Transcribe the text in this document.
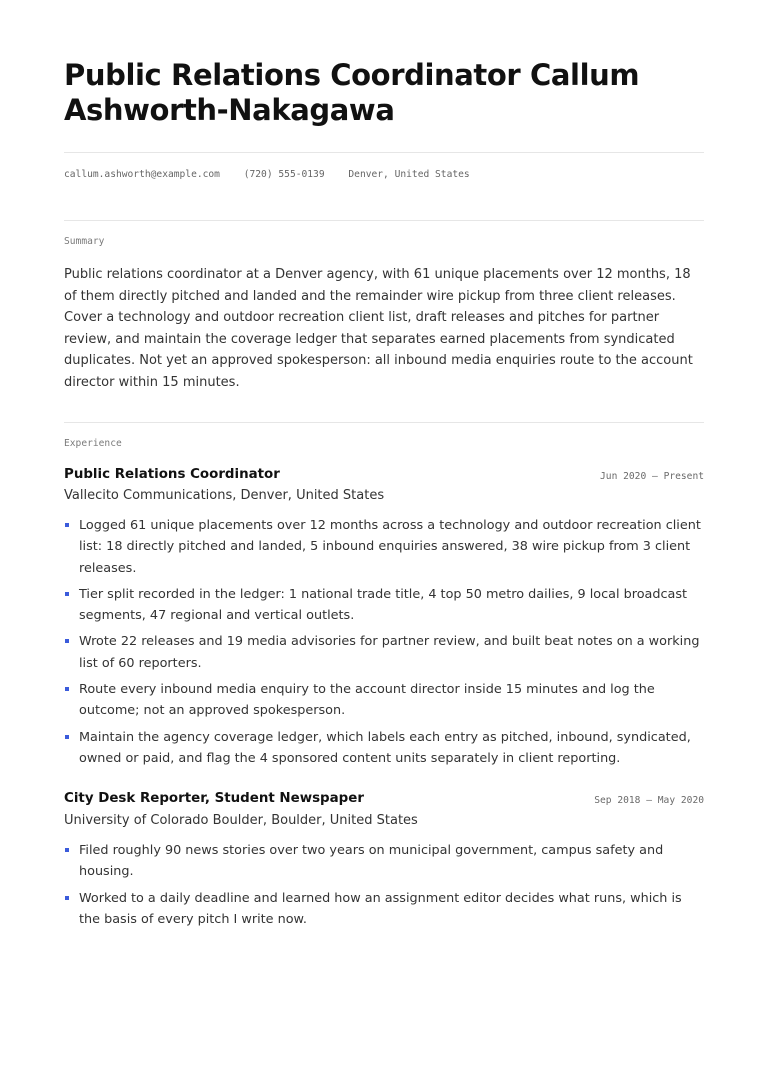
Public Relations Coordinator Callum Ashworth-Nakagawa
callum.ashworth@example.com (720) 555-0139 Denver, United States
Summary

Public relations coordinator at a Denver agency, with 61 unique placements over 12 months, 18 of them directly pitched and landed and the remainder wire pickup from three client releases. Cover a technology and outdoor recreation client list, draft releases and pitches for partner review, and maintain the coverage ledger that separates earned placements from syndicated duplicates. Not yet an approved spokesperson: all inbound media enquiries route to the account director within 15 minutes.

Experience
Public Relations Coordinator	Jun 2020 — Present
Vallecito Communications, Denver, United States
Logged 61 unique placements over 12 months across a technology and outdoor recreation client list: 18 directly pitched and landed, 5 inbound enquiries answered, 38 wire pickup from 3 client releases.
Tier split recorded in the ledger: 1 national trade title, 4 top 50 metro dailies, 9 local broadcast segments, 47 regional and vertical outlets.
Wrote 22 releases and 19 media advisories for partner review, and built beat notes on a working list of 60 reporters.
Route every inbound media enquiry to the account director inside 15 minutes and log the outcome; not an approved spokesperson.
Maintain the agency coverage ledger, which labels each entry as pitched, inbound, syndicated, owned or paid, and flag the 4 sponsored content units separately in client reporting.
City Desk Reporter, Student Newspaper	Sep 2018 — May 2020
University of Colorado Boulder, Boulder, United States
Filed roughly 90 news stories over two years on municipal government, campus safety and housing.
Worked to a daily deadline and learned how an assignment editor decides what runs, which is the basis of every pitch I write now.
